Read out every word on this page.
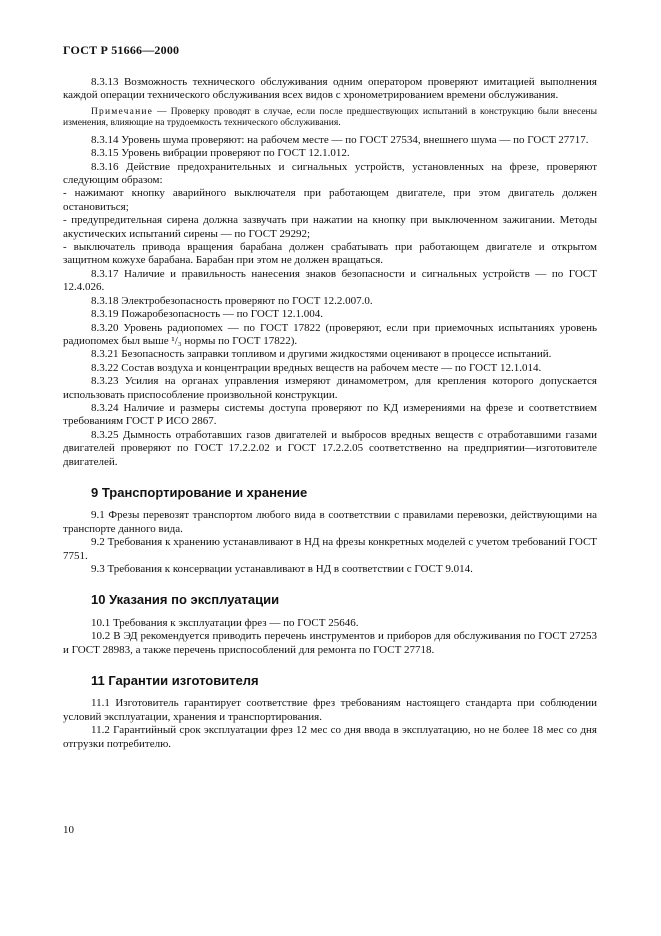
ГОСТ Р 51666—2000

8.3.13 Возможность технического обслуживания одним оператором проверяют имитацией выполнения каждой операции технического обслуживания всех видов с хронометрированием времени обслуживания.

Примечание — Проверку проводят в случае, если после предшествующих испытаний в конструкцию были внесены изменения, влияющие на трудоемкость технического обслуживания.

8.3.14 Уровень шума проверяют: на рабочем месте — по ГОСТ 27534, внешнего шума — по ГОСТ 27717.

8.3.15 Уровень вибрации проверяют по ГОСТ 12.1.012.

8.3.16 Действие предохранительных и сигнальных устройств, установленных на фрезе, проверяют следующим образом:

- нажимают кнопку аварийного выключателя при работающем двигателе, при этом двигатель должен остановиться;

- предупредительная сирена должна зазвучать при нажатии на кнопку при выключенном зажигании. Методы акустических испытаний сирены — по ГОСТ 29292;

- выключатель привода вращения барабана должен срабатывать при работающем двигателе и открытом защитном кожухе барабана. Барабан при этом не должен вращаться.

8.3.17 Наличие и правильность нанесения знаков безопасности и сигнальных устройств — по ГОСТ 12.4.026.

8.3.18 Электробезопасность проверяют по ГОСТ 12.2.007.0.

8.3.19 Пожаробезопасность — по ГОСТ 12.1.004.

8.3.20 Уровень радиопомех — по ГОСТ 17822 (проверяют, если при приемочных испытаниях уровень радиопомех был выше ¹/₃ нормы по ГОСТ 17822).

8.3.21 Безопасность заправки топливом и другими жидкостями оценивают в процессе испытаний.

8.3.22 Состав воздуха и концентрации вредных веществ на рабочем месте — по ГОСТ 12.1.014.

8.3.23 Усилия на органах управления измеряют динамометром, для крепления которого допускается использовать приспособление произвольной конструкции.

8.3.24 Наличие и размеры системы доступа проверяют по КД измерениями на фрезе и соответствием требованиям ГОСТ Р ИСО 2867.

8.3.25 Дымность отработавших газов двигателей и выбросов вредных веществ с отработавшими газами двигателей проверяют по ГОСТ 17.2.2.02 и ГОСТ 17.2.2.05 соответственно на предприятии—изготовителе двигателей.

9 Транспортирование и хранение

9.1 Фрезы перевозят транспортом любого вида в соответствии с правилами перевозки, действующими на транспорте данного вида.

9.2 Требования к хранению устанавливают в НД на фрезы конкретных моделей с учетом требований ГОСТ 7751.

9.3 Требования к консервации устанавливают в НД в соответствии с ГОСТ 9.014.

10 Указания по эксплуатации

10.1 Требования к эксплуатации фрез — по ГОСТ 25646.

10.2 В ЭД рекомендуется приводить перечень инструментов и приборов для обслуживания по ГОСТ 27253 и ГОСТ 28983, а также перечень приспособлений для ремонта по ГОСТ 27718.

11 Гарантии изготовителя

11.1 Изготовитель гарантирует соответствие фрез требованиям настоящего стандарта при соблюдении условий эксплуатации, хранения и транспортирования.

11.2 Гарантийный срок эксплуатации фрез 12 мес со дня ввода в эксплуатацию, но не более 18 мес со дня отгрузки потребителю.

10
